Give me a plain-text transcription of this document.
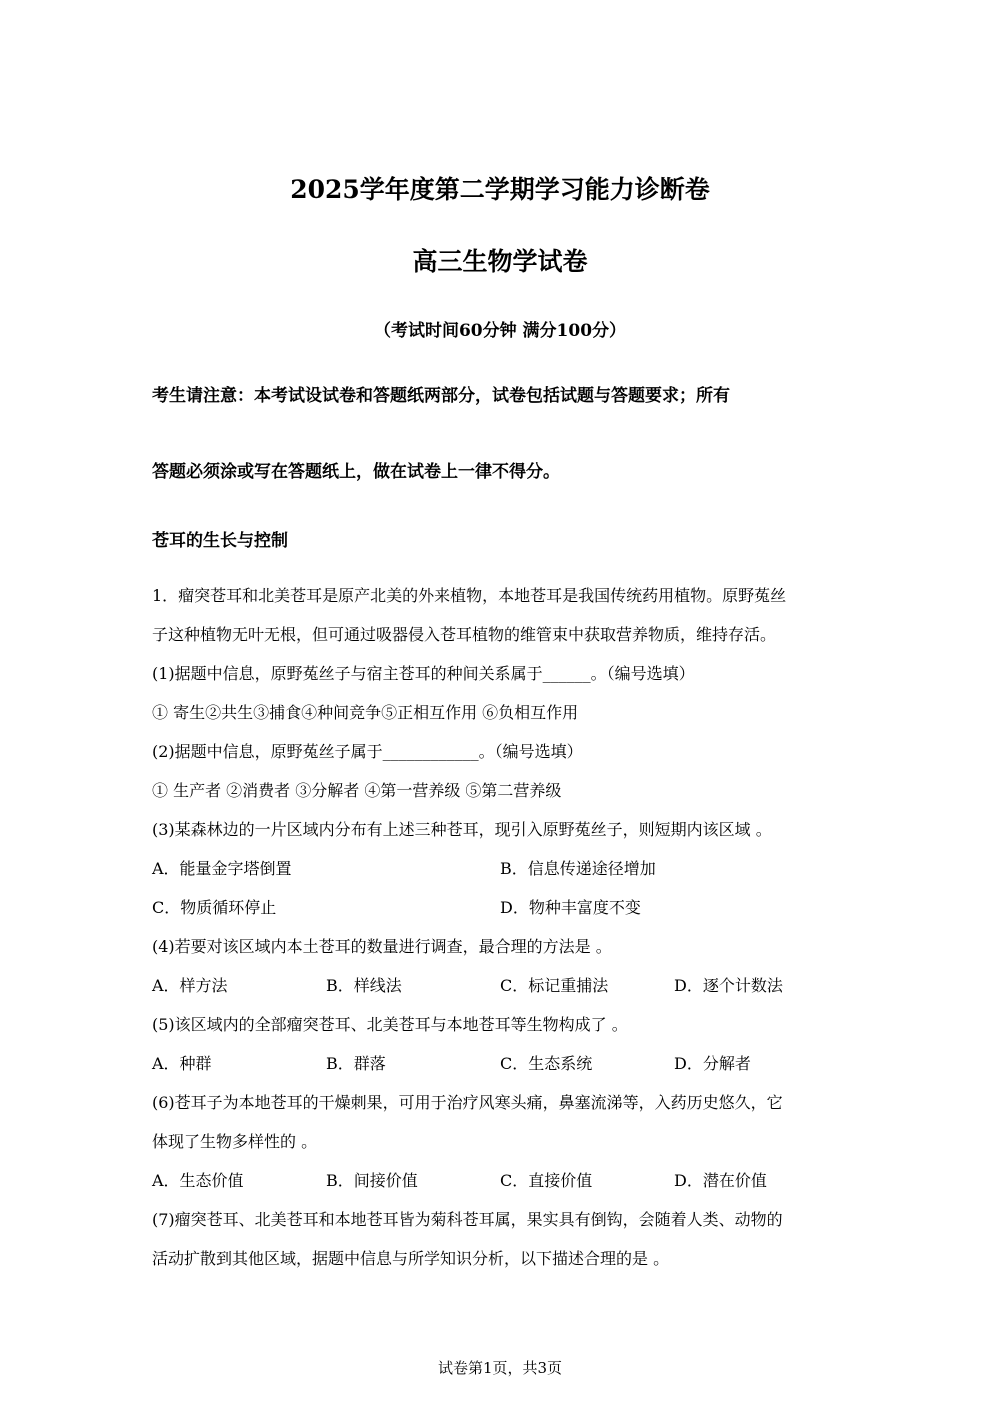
2025学年度第二学期学习能力诊断卷
高三生物学试卷
（考试时间60分钟 满分100分）
考生请注意：本考试设试卷和答题纸两部分，试卷包括试题与答题要求；所有
答题必须涂或写在答题纸上，做在试卷上一律不得分。
苍耳的生长与控制
1．瘤突苍耳和北美苍耳是原产北美的外来植物，本地苍耳是我国传统药用植物。原野菟丝
子这种植物无叶无根，但可通过吸器侵入苍耳植物的维管束中获取营养物质，维持存活。
(1)据题中信息，原野菟丝子与宿主苍耳的种间关系属于______。（编号选填）
① 寄生②共生③捕食④种间竞争⑤正相互作用 ⑥负相互作用
(2)据题中信息，原野菟丝子属于____________。（编号选填）
① 生产者 ②消费者 ③分解者 ④第一营养级 ⑤第二营养级
(3)某森林边的一片区域内分布有上述三种苍耳，现引入原野菟丝子，则短期内该区域 。
A．能量金字塔倒置	B．信息传递途径增加
C．物质循环停止	D．物种丰富度不变
(4)若要对该区域内本土苍耳的数量进行调查，最合理的方法是 。
A．样方法	B．样线法	C．标记重捕法	D．逐个计数法
(5)该区域内的全部瘤突苍耳、北美苍耳与本地苍耳等生物构成了 。
A．种群	B．群落	C．生态系统	D．分解者
(6)苍耳子为本地苍耳的干燥刺果，可用于治疗风寒头痛，鼻塞流涕等，入药历史悠久，它
体现了生物多样性的 。
A．生态价值	B．间接价值	C．直接价值	D．潜在价值
(7)瘤突苍耳、北美苍耳和本地苍耳皆为菊科苍耳属，果实具有倒钩，会随着人类、动物的
活动扩散到其他区域，据题中信息与所学知识分析，以下描述合理的是 。
试卷第1页，共3页
